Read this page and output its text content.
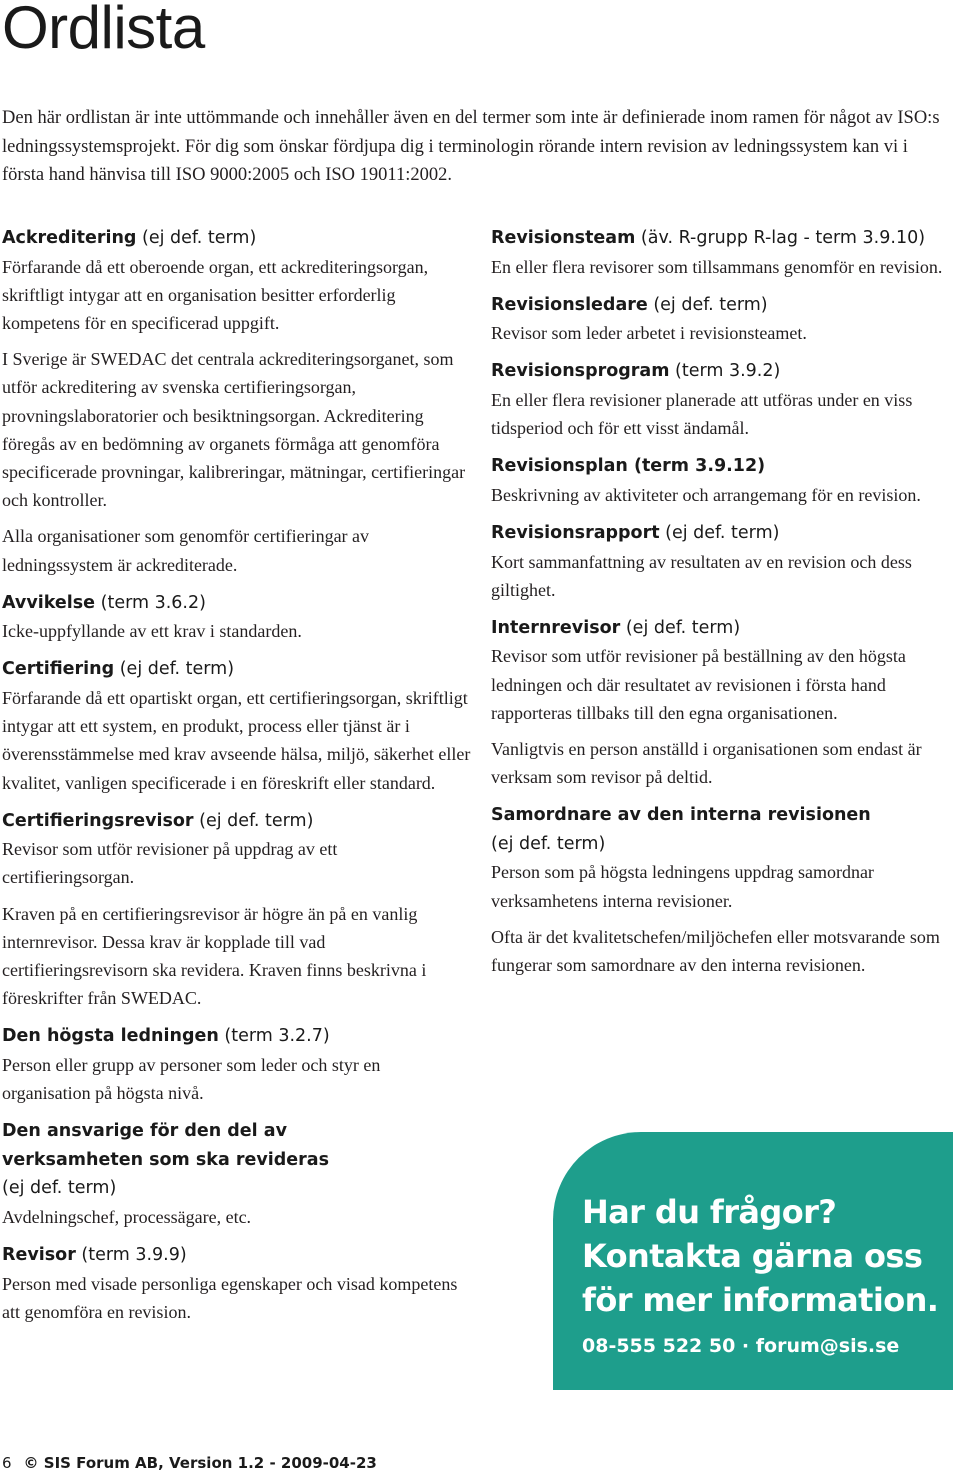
Ordlista

Den här ordlistan är inte uttömmande och innehåller även en del termer som inte är definierade inom ramen för något av ISO:s ledningssystemsprojekt. För dig som önskar fördjupa dig i terminologin rörande intern revision av ledningssystem kan vi i första hand hänvisa till ISO 9000:2005 och ISO 19011:2002.

Ackreditering (ej def. term)

Förfarande då ett oberoende organ, ett ackrediteringsorgan, skriftligt intygar att en organisation besitter erforderlig kompetens för en specificerad uppgift.

I Sverige är SWEDAC det centrala ackrediteringsorganet, som utför ackreditering av svenska certifieringsorgan, provningslaboratorier och besiktningsorgan. Ackreditering föregås av en bedömning av organets förmåga att genomföra specificerade provningar, kalibreringar, mätningar, certifieringar och kontroller.

Alla organisationer som genomför certifieringar av ledningssystem är ackrediterade.

Avvikelse (term 3.6.2)

Icke-uppfyllande av ett krav i standarden.

Certifiering (ej def. term)

Förfarande då ett opartiskt organ, ett certifieringsorgan, skriftligt intygar att ett system, en produkt, process eller tjänst är i överensstämmelse med krav avseende hälsa, miljö, säkerhet eller kvalitet, vanligen specificerade i en föreskrift eller standard.

Certifieringsrevisor (ej def. term)

Revisor som utför revisioner på uppdrag av ett certifieringsorgan.

Kraven på en certifieringsrevisor är högre än på en vanlig internrevisor. Dessa krav är kopplade till vad certifieringsrevisorn ska revidera. Kraven finns beskrivna i föreskrifter från SWEDAC.

Den högsta ledningen (term 3.2.7)

Person eller grupp av personer som leder och styr en organisation på högsta nivå.

Den ansvarige för den del av

verksamheten som ska revideras

(ej def. term)

Avdelningschef, processägare, etc.

Revisor (term 3.9.9)

Person med visade personliga egenskaper och visad kompetens att genomföra en revision.

Revisionsteam (äv. R-grupp R-lag - term 3.9.10)

En eller flera revisorer som tillsammans genomför en revision.

Revisionsledare (ej def. term)

Revisor som leder arbetet i revisionsteamet.

Revisionsprogram (term 3.9.2)

En eller flera revisioner planerade att utföras under en viss tidsperiod och för ett visst ändamål.

Revisionsplan (term 3.9.12)

Beskrivning av aktiviteter och arrangemang för en revision.

Revisionsrapport (ej def. term)

Kort sammanfattning av resultaten av en revision och dess giltighet.

Internrevisor (ej def. term)

Revisor som utför revisioner på beställning av den högsta ledningen och där resultatet av revisionen i första hand rapporteras tillbaks till den egna organisationen.

Vanligtvis en person anställd i organisationen som endast är verksam som revisor på deltid.

Samordnare av den interna revisionen

(ej def. term)

Person som på högsta ledningens uppdrag samordnar verksamhetens interna revisioner.

Ofta är det kvalitetschefen/miljöchefen eller motsvarande som fungerar som samordnare av den interna revisionen.

Har du frågor?
Kontakta gärna oss
för mer information.

08-555 522 50 · forum@sis.se

6 © SIS Forum AB, Version 1.2 - 2009-04-23
